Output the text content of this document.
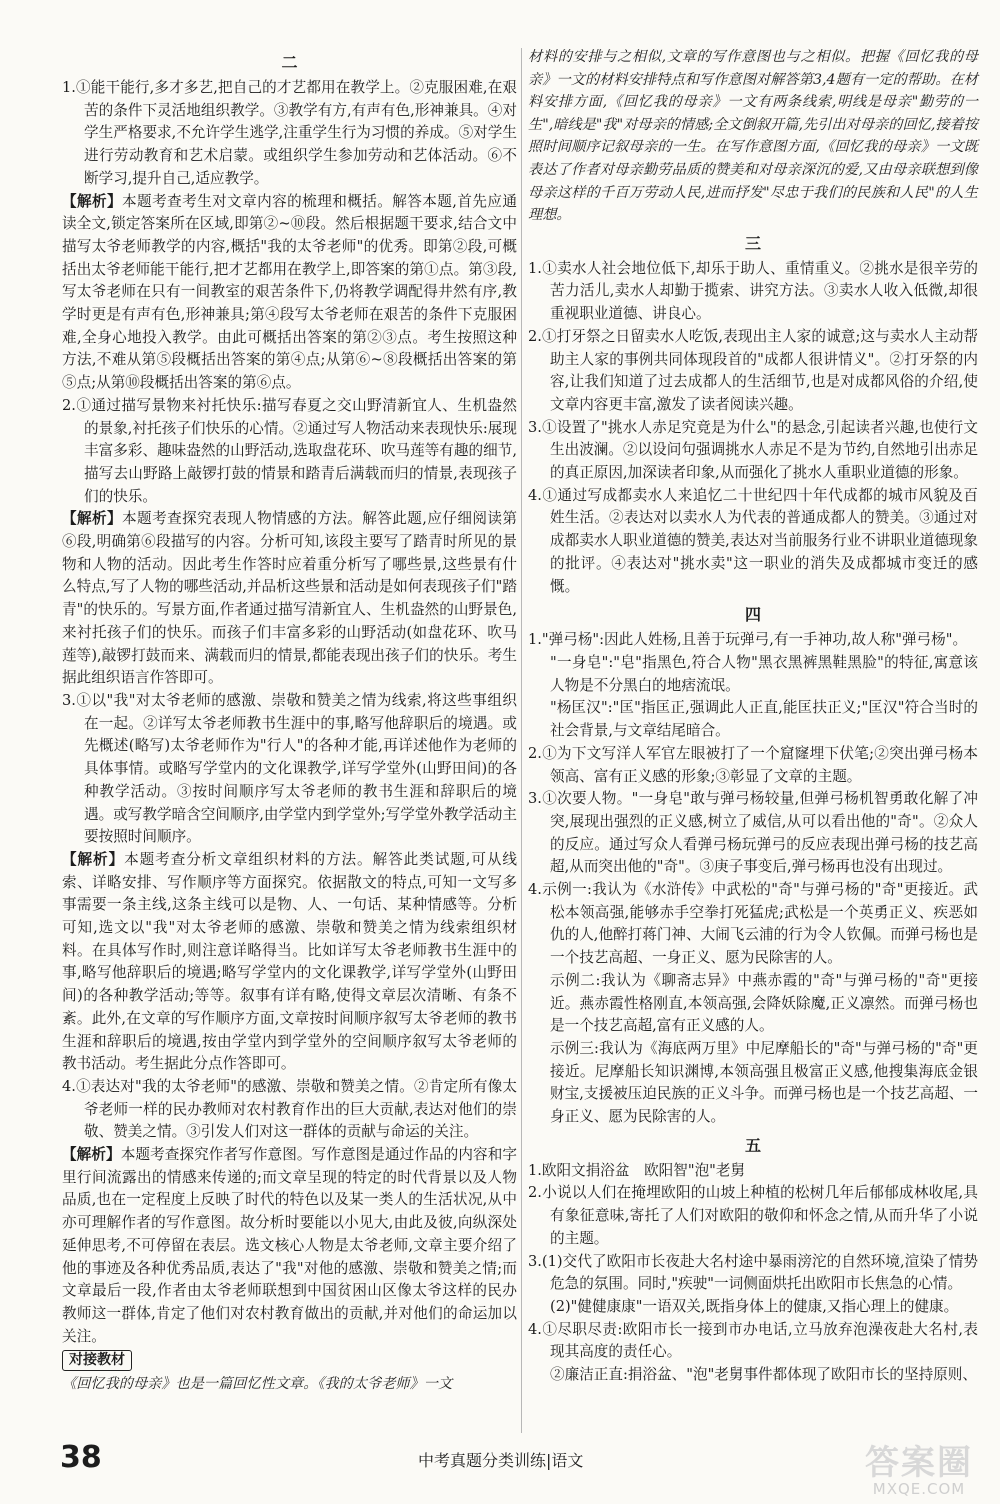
二

1.①能干能行,多才多艺,把自己的才艺都用在教学上。②克服困难,在艰苦的条件下灵活地组织教学。③教学有方,有声有色,形神兼具。④对学生严格要求,不允许学生逃学,注重学生行为习惯的养成。⑤对学生进行劳动教育和艺术启蒙。或组织学生参加劳动和艺体活动。⑥不断学习,提升自己,适应教学。

【解析】本题考查考生对文章内容的梳理和概括。解答本题,首先应通读全文,锁定答案所在区域,即第②~⑩段。然后根据题干要求,结合文中描写太爷老师教学的内容,概括"我的太爷老师"的优秀。即第②段,可概括出太爷老师能干能行,把才艺都用在教学上,即答案的第①点。第③段,写太爷老师在只有一间教室的艰苦条件下,仍将教学调配得井然有序,教学时更是有声有色,形神兼具;第④段写太爷老师在艰苦的条件下克服困难,全身心地投入教学。由此可概括出答案的第②③点。考生按照这种方法,不难从第⑤段概括出答案的第④点;从第⑥~⑧段概括出答案的第⑤点;从第⑩段概括出答案的第⑥点。

2.①通过描写景物来衬托快乐:描写春夏之交山野清新宜人、生机盎然的景象,衬托孩子们快乐的心情。②通过写人物活动来表现快乐:展现丰富多彩、趣味盎然的山野活动,选取盘花环、吹马莲等有趣的细节,描写去山野路上敲锣打鼓的情景和踏青后满载而归的情景,表现孩子们的快乐。

【解析】本题考查探究表现人物情感的方法。解答此题,应仔细阅读第⑥段,明确第⑥段描写的内容。分析可知,该段主要写了踏青时所见的景物和人物的活动。因此考生作答时应着重分析写了哪些景,这些景有什么特点,写了人物的哪些活动,并品析这些景和活动是如何表现孩子们"踏青"的快乐的。写景方面,作者通过描写清新宜人、生机盎然的山野景色,来衬托孩子们的快乐。而孩子们丰富多彩的山野活动(如盘花环、吹马莲等),敲锣打鼓而来、满载而归的情景,都能表现出孩子们的快乐。考生据此组织语言作答即可。

3.①以"我"对太爷老师的感激、崇敬和赞美之情为线索,将这些事组织在一起。②详写太爷老师教书生涯中的事,略写他辞职后的境遇。或先概述(略写)太爷老师作为"行人"的各种才能,再详述他作为老师的具体事情。或略写学堂内的文化课教学,详写学堂外(山野田间)的各种教学活动。③按时间顺序写太爷老师的教书生涯和辞职后的境遇。或写教学暗含空间顺序,由学堂内到学堂外;写学堂外教学活动主要按照时间顺序。

【解析】本题考查分析文章组织材料的方法。解答此类试题,可从线索、详略安排、写作顺序等方面探究。依据散文的特点,可知一文写多事需要一条主线,这条主线可以是物、人、一句话、某种情感等。分析可知,选文以"我"对太爷老师的感激、崇敬和赞美之情为线索组织材料。在具体写作时,则注意详略得当。比如详写太爷老师教书生涯中的事,略写他辞职后的境遇;略写学堂内的文化课教学,详写学堂外(山野田间)的各种教学活动;等等。叙事有详有略,使得文章层次清晰、有条不紊。此外,在文章的写作顺序方面,文章按时间顺序叙写太爷老师的教书生涯和辞职后的境遇,按由学堂内到学堂外的空间顺序叙写太爷老师的教书活动。考生据此分点作答即可。

4.①表达对"我的太爷老师"的感激、崇敬和赞美之情。②肯定所有像太爷老师一样的民办教师对农村教育作出的巨大贡献,表达对他们的崇敬、赞美之情。③引发人们对这一群体的贡献与命运的关注。

【解析】本题考查探究作者写作意图。写作意图是通过作品的内容和字里行间流露出的情感来传递的;而文章呈现的特定的时代背景以及人物品质,也在一定程度上反映了时代的特色以及某一类人的生活状况,从中亦可理解作者的写作意图。故分析时要能以小见大,由此及彼,向纵深处延伸思考,不可停留在表层。选文核心人物是太爷老师,文章主要介绍了他的事迹及各种优秀品质,表达了"我"对他的感激、崇敬和赞美之情;而文章最后一段,作者由太爷老师联想到中国贫困山区像太爷这样的民办教师这一群体,肯定了他们对农村教育做出的贡献,并对他们的命运加以关注。

对接教材

《回忆我的母亲》也是一篇回忆性文章。《我的太爷老师》一文

材料的安排与之相似,文章的写作意图也与之相似。把握《回忆我的母亲》一文的材料安排特点和写作意图对解答第3,4题有一定的帮助。在材料安排方面,《回忆我的母亲》一文有两条线索,明线是母亲"勤劳的一生",暗线是"我"对母亲的情感;全文倒叙开篇,先引出对母亲的回忆,接着按照时间顺序记叙母亲的一生。在写作意图方面,《回忆我的母亲》一文既表达了作者对母亲勤劳品质的赞美和对母亲深沉的爱,又由母亲联想到像母亲这样的千百万劳动人民,进而抒发"尽忠于我们的民族和人民"的人生理想。

三

1.①卖水人社会地位低下,却乐于助人、重情重义。②挑水是很辛劳的苦力活儿,卖水人却勤于揽索、讲究方法。③卖水人收入低微,却很重视职业道德、讲良心。

2.①打牙祭之日留卖水人吃饭,表现出主人家的诚意;这与卖水人主动帮助主人家的事例共同体现段首的"成都人很讲情义"。②打牙祭的内容,让我们知道了过去成都人的生活细节,也是对成都风俗的介绍,使文章内容更丰富,激发了读者阅读兴趣。

3.①设置了"挑水人赤足究竟是为什么"的悬念,引起读者兴趣,也使行文生出波澜。②以设问句强调挑水人赤足不是为节约,自然地引出赤足的真正原因,加深读者印象,从而强化了挑水人重职业道德的形象。

4.①通过写成都卖水人来追忆二十世纪四十年代成都的城市风貌及百姓生活。②表达对以卖水人为代表的普通成都人的赞美。③通过对成都卖水人职业道德的赞美,表达对当前服务行业不讲职业道德现象的批评。④表达对"挑水卖"这一职业的消失及成都城市变迁的感慨。

四

1."弹弓杨":因此人姓杨,且善于玩弹弓,有一手神功,故人称"弹弓杨"。

"一身皂":"皂"指黑色,符合人物"黑衣黑裤黑鞋黑脸"的特征,寓意该人物是不分黑白的地痞流氓。

"杨匡汉":"匡"指匡正,强调此人正直,能匡扶正义;"匡汉"符合当时的社会背景,与文章结尾暗合。

2.①为下文写洋人军官左眼被打了一个窟窿埋下伏笔;②突出弹弓杨本领高、富有正义感的形象;③彰显了文章的主题。

3.①次要人物。"一身皂"敢与弹弓杨较量,但弹弓杨机智勇敢化解了冲突,展现出强烈的正义感,树立了威信,从可以看出他的"奇"。②众人的反应。通过写众人看弹弓杨玩弹弓的反应表现出弹弓杨的技艺高超,从而突出他的"奇"。③庚子事变后,弹弓杨再也没有出现过。

4.示例一:我认为《水浒传》中武松的"奇"与弹弓杨的"奇"更接近。武松本领高强,能够赤手空拳打死猛虎;武松是一个英勇正义、疾恶如仇的人,他醉打蒋门神、大闹飞云浦的行为令人钦佩。而弹弓杨也是一个技艺高超、一身正义、愿为民除害的人。

示例二:我认为《聊斋志异》中燕赤霞的"奇"与弹弓杨的"奇"更接近。燕赤霞性格刚直,本领高强,会降妖除魔,正义凛然。而弹弓杨也是一个技艺高超,富有正义感的人。

示例三:我认为《海底两万里》中尼摩船长的"奇"与弹弓杨的"奇"更接近。尼摩船长知识渊博,本领高强且极富正义感,他搜集海底金银财宝,支援被压迫民族的正义斗争。而弹弓杨也是一个技艺高超、一身正义、愿为民除害的人。

五

1.欧阳文捐浴盆　欧阳智"泡"老舅

2.小说以人们在掩埋欧阳的山坡上种植的松树几年后郁郁成林收尾,具有象征意味,寄托了人们对欧阳的敬仰和怀念之情,从而升华了小说的主题。

3.(1)交代了欧阳市长夜赴大名村途中暴雨滂沱的自然环境,渲染了情势危急的氛围。同时,"疾驶"一词侧面烘托出欧阳市长焦急的心情。

(2)"健健康康"一语双关,既指身体上的健康,又指心理上的健康。

4.①尽职尽责:欧阳市长一接到市办电话,立马放弃泡澡夜赴大名村,表现其高度的责任心。

②廉洁正直:捐浴盆、"泡"老舅事件都体现了欧阳市长的坚持原则、

38	中考真题分类训练|语文	答案圈
MXQE.COM
